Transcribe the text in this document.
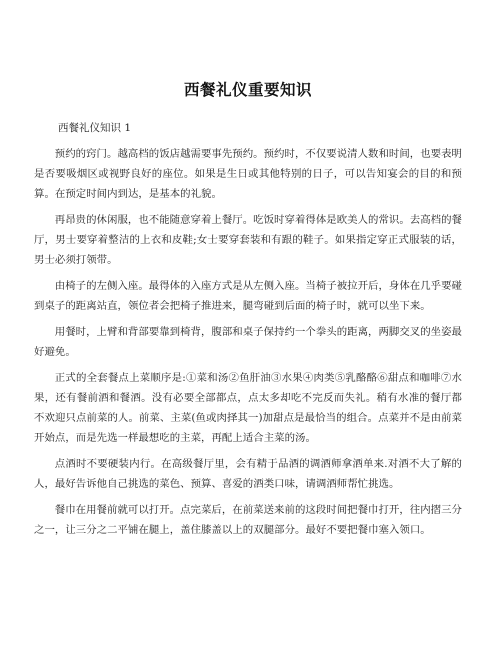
西餐礼仪重要知识
西餐礼仪知识 1

预约的窍门。越高档的饭店越需要事先预约。预约时，不仅要说清人数和时间，也要表明是否要吸烟区或视野良好的座位。如果是生日或其他特别的日子，可以告知宴会的目的和预算。在预定时间内到达，是基本的礼貌。

再昂贵的休闲服，也不能随意穿着上餐厅。吃饭时穿着得体是欧美人的常识。去高档的餐厅，男士要穿着整洁的上衣和皮鞋;女士要穿套装和有跟的鞋子。如果指定穿正式服装的话，男士必须打领带。

由椅子的左侧入座。最得体的入座方式是从左侧入座。当椅子被拉开后，身体在几乎要碰到桌子的距离站直，领位者会把椅子推进来，腿弯碰到后面的椅子时，就可以坐下来。

用餐时，上臂和背部要靠到椅背，腹部和桌子保持约一个拳头的距离，两脚交叉的坐姿最好避免。

正式的全套餐点上菜顺序是:①菜和汤②鱼肝油③水果④肉类⑤乳酪酪⑥甜点和咖啡⑦水果，还有餐前酒和餐酒。没有必要全部都点，点太多却吃不完反而失礼。稍有水准的餐厅都不欢迎只点前菜的人。前菜、主菜(鱼或肉择其一)加甜点是最恰当的组合。点菜并不是由前菜开始点，而是先选一样最想吃的主菜，再配上适合主菜的汤。

点酒时不要硬装内行。在高级餐厅里，会有精于品酒的调酒师拿酒单来.对酒不大了解的人，最好告诉他自己挑选的菜色、预算、喜爱的酒类口味，请调酒师帮忙挑选。

餐巾在用餐前就可以打开。点完菜后，在前菜送来前的这段时间把餐巾打开，往内摺三分之一，让三分之二平铺在腿上，盖住膝盖以上的双腿部分。最好不要把餐巾塞入领口。
